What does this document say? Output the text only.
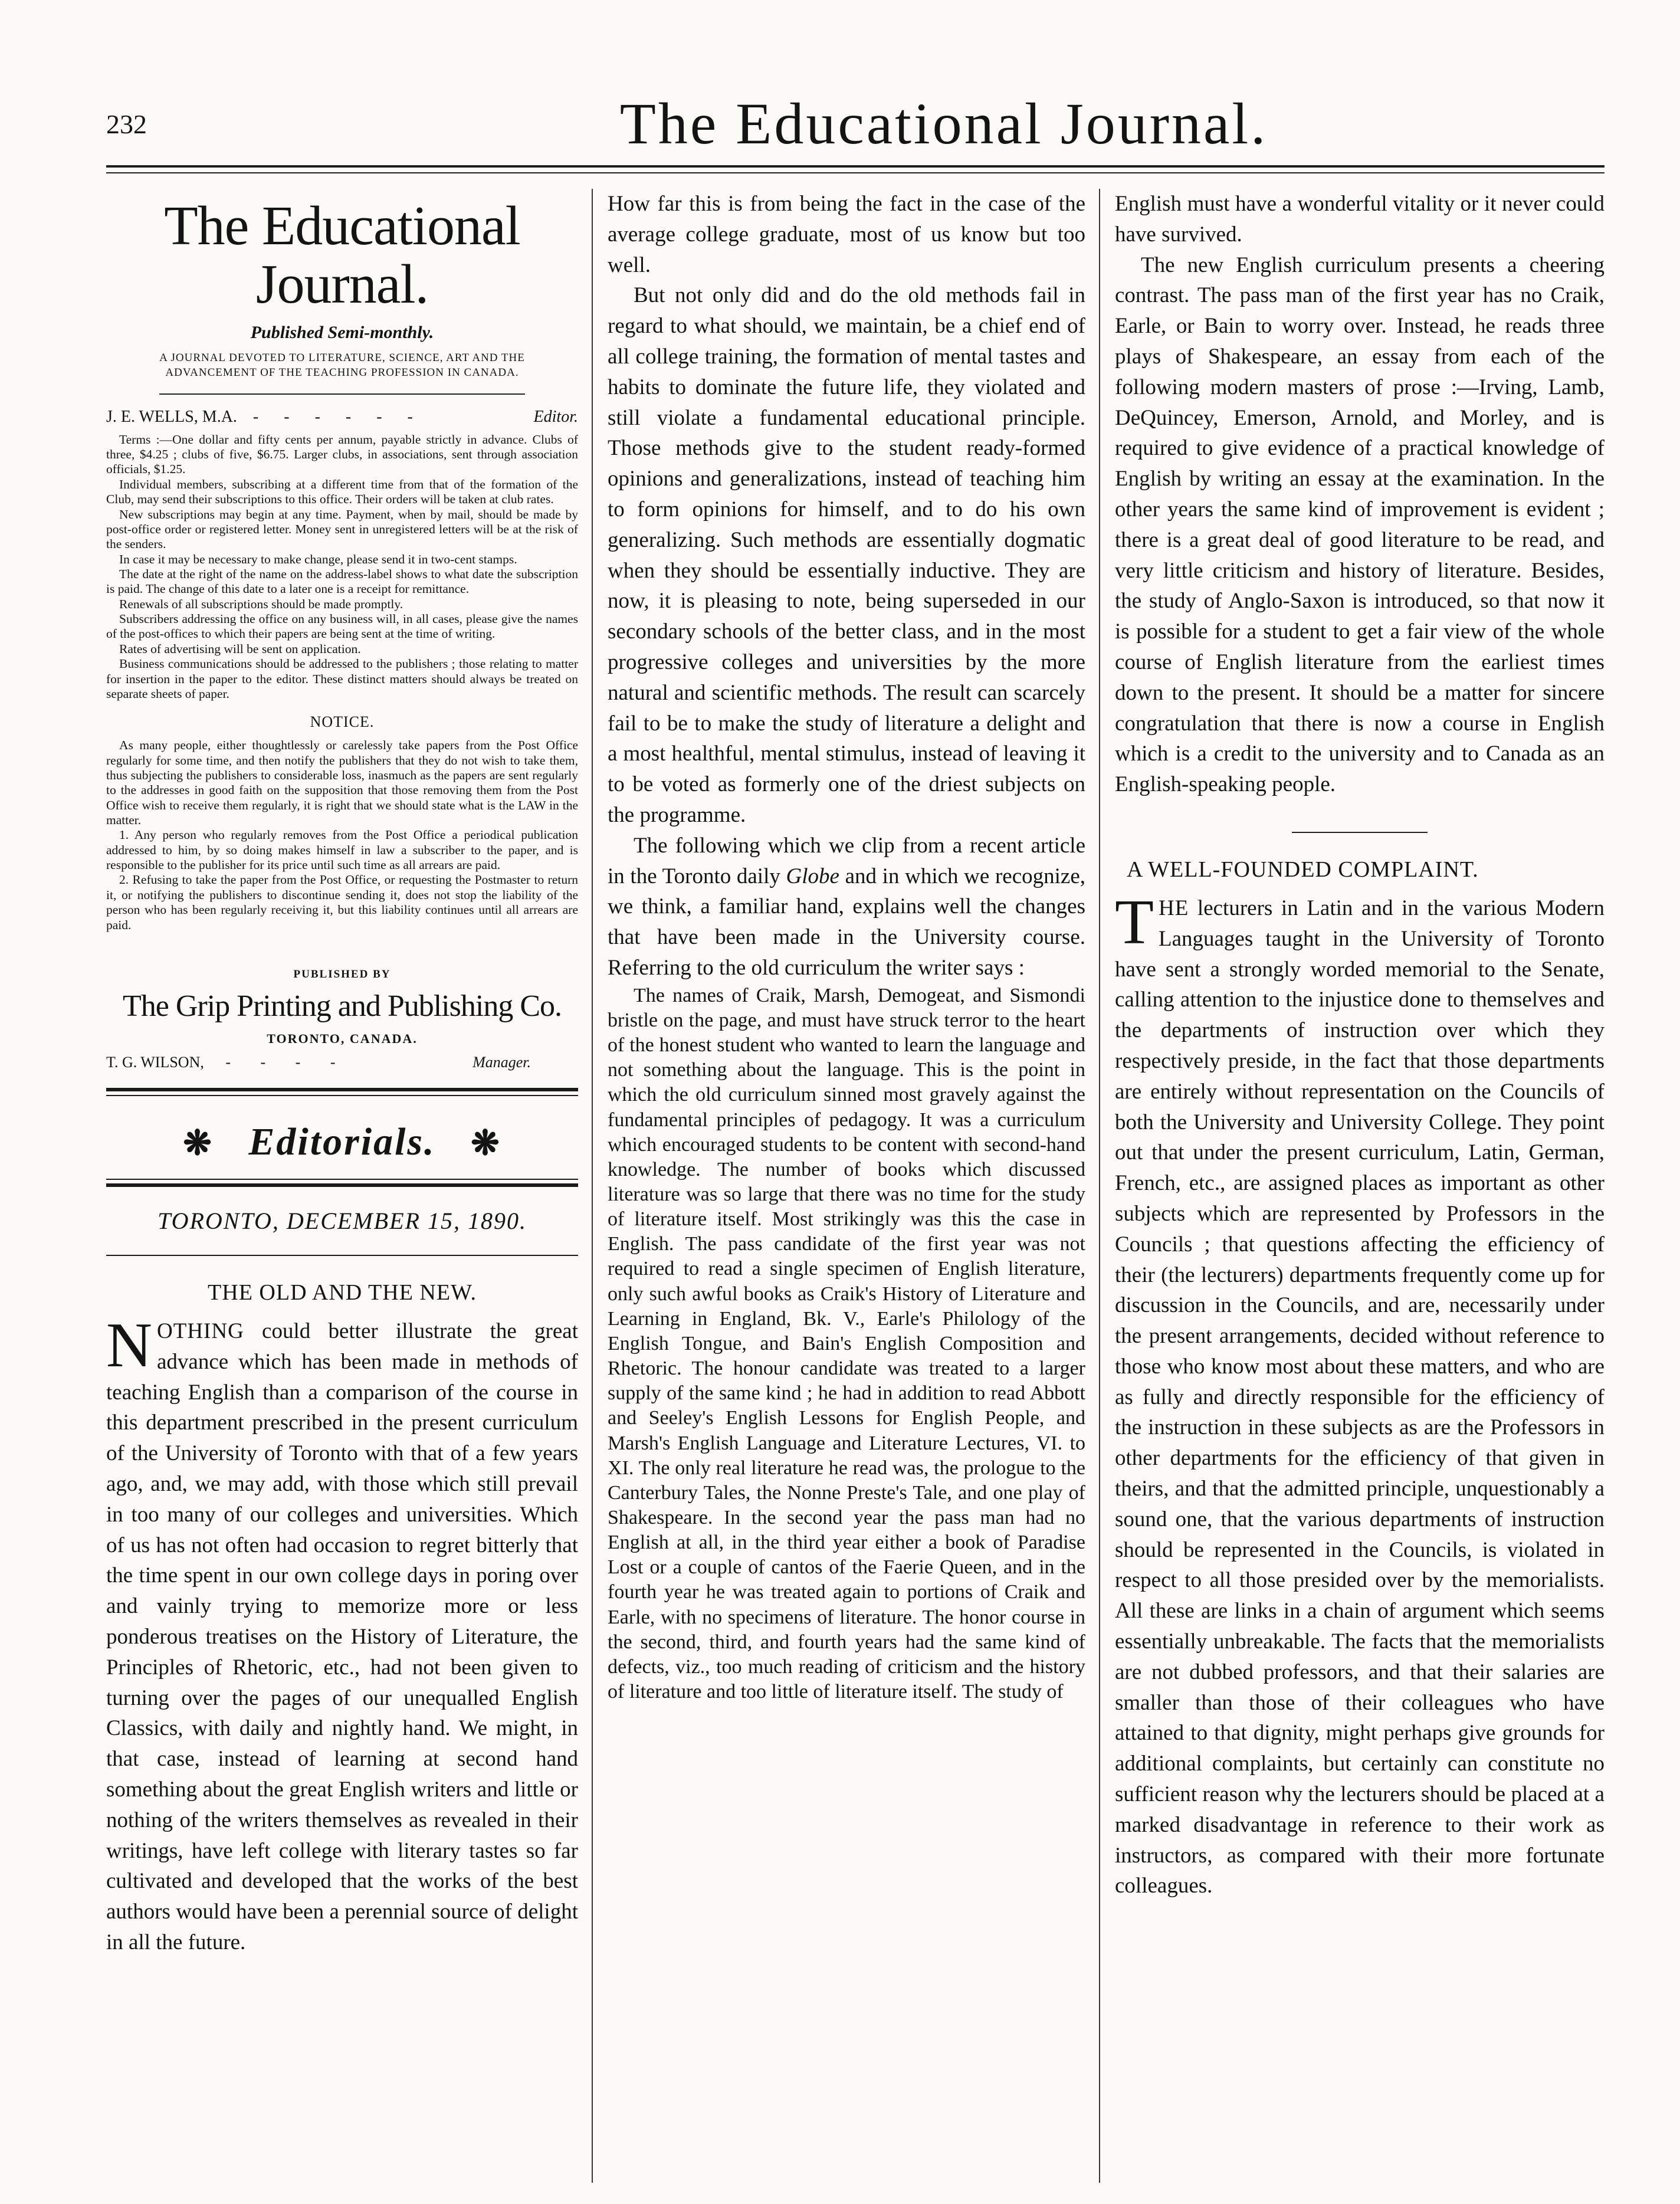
232	The Educational Journal.
The Educational Journal.
Published Semi-monthly.
A JOURNAL DEVOTED TO LITERATURE, SCIENCE, ART AND THE ADVANCEMENT OF THE TEACHING PROFESSION IN CANADA.
J. E. WELLS, M.A. - - - - - -	Editor.

Terms :—One dollar and fifty cents per annum, payable strictly in advance. Clubs of three, $4.25 ; clubs of five, $6.75. Larger clubs, in associations, sent through association officials, $1.25.

Individual members, subscribing at a different time from that of the formation of the Club, may send their subscriptions to this office. Their orders will be taken at club rates.

New subscriptions may begin at any time. Payment, when by mail, should be made by post-office order or registered letter. Money sent in unregistered letters will be at the risk of the senders.

In case it may be necessary to make change, please send it in two-cent stamps.

The date at the right of the name on the address-label shows to what date the subscription is paid. The change of this date to a later one is a receipt for remittance.

Renewals of all subscriptions should be made promptly.

Subscribers addressing the office on any business will, in all cases, please give the names of the post-offices to which their papers are being sent at the time of writing.

Rates of advertising will be sent on application.

Business communications should be addressed to the publishers ; those relating to matter for insertion in the paper to the editor. These distinct matters should always be treated on separate sheets of paper.

NOTICE.

As many people, either thoughtlessly or carelessly take papers from the Post Office regularly for some time, and then notify the publishers that they do not wish to take them, thus subjecting the publishers to considerable loss, inasmuch as the papers are sent regularly to the addresses in good faith on the supposition that those removing them from the Post Office wish to receive them regularly, it is right that we should state what is the LAW in the matter.

1. Any person who regularly removes from the Post Office a periodical publication addressed to him, by so doing makes himself in law a subscriber to the paper, and is responsible to the publisher for its price until such time as all arrears are paid.

2. Refusing to take the paper from the Post Office, or requesting the Postmaster to return it, or notifying the publishers to discontinue sending it, does not stop the liability of the person who has been regularly receiving it, but this liability continues until all arrears are paid.

PUBLISHED BY
The Grip Printing and Publishing Co.
TORONTO, CANADA.
T. G. WILSON, - - - -	Manager.
❋ Editorials. ❋
TORONTO, DECEMBER 15, 1890.
THE OLD AND THE NEW.

NOTHING could better illustrate the great advance which has been made in methods of teaching English than a comparison of the course in this department prescribed in the present curriculum of the University of Toronto with that of a few years ago, and, we may add, with those which still prevail in too many of our colleges and universities. Which of us has not often had occasion to regret bitterly that the time spent in our own college days in poring over and vainly trying to memorize more or less ponderous treatises on the History of Literature, the Principles of Rhetoric, etc., had not been given to turning over the pages of our unequalled English Classics, with daily and nightly hand. We might, in that case, instead of learning at second hand something about the great English writers and little or nothing of the writers themselves as revealed in their writings, have left college with literary tastes so far cultivated and developed that the works of the best authors would have been a perennial source of delight in all the future.

How far this is from being the fact in the case of the average college graduate, most of us know but too well.

But not only did and do the old methods fail in regard to what should, we maintain, be a chief end of all college training, the formation of mental tastes and habits to dominate the future life, they violated and still violate a fundamental educational principle. Those methods give to the student ready-formed opinions and generalizations, instead of teaching him to form opinions for himself, and to do his own generalizing. Such methods are essentially dogmatic when they should be essentially inductive. They are now, it is pleasing to note, being superseded in our secondary schools of the better class, and in the most progressive colleges and universities by the more natural and scientific methods. The result can scarcely fail to be to make the study of literature a delight and a most healthful, mental stimulus, instead of leaving it to be voted as formerly one of the driest subjects on the programme.

The following which we clip from a recent article in the Toronto daily Globe and in which we recognize, we think, a familiar hand, explains well the changes that have been made in the University course. Referring to the old curriculum the writer says :

The names of Craik, Marsh, Demogeat, and Sismondi bristle on the page, and must have struck terror to the heart of the honest student who wanted to learn the language and not something about the language. This is the point in which the old curriculum sinned most gravely against the fundamental principles of pedagogy. It was a curriculum which encouraged students to be content with second-hand knowledge. The number of books which discussed literature was so large that there was no time for the study of literature itself. Most strikingly was this the case in English. The pass candidate of the first year was not required to read a single specimen of English literature, only such awful books as Craik's History of Literature and Learning in England, Bk. V., Earle's Philology of the English Tongue, and Bain's English Composition and Rhetoric. The honour candidate was treated to a larger supply of the same kind ; he had in addition to read Abbott and Seeley's English Lessons for English People, and Marsh's English Language and Literature Lectures, VI. to XI. The only real literature he read was, the prologue to the Canterbury Tales, the Nonne Preste's Tale, and one play of Shakespeare. In the second year the pass man had no English at all, in the third year either a book of Paradise Lost or a couple of cantos of the Faerie Queen, and in the fourth year he was treated again to portions of Craik and Earle, with no specimens of literature. The honor course in the second, third, and fourth years had the same kind of defects, viz., too much reading of criticism and the history of literature and too little of literature itself. The study of

English must have a wonderful vitality or it never could have survived.

The new English curriculum presents a cheering contrast. The pass man of the first year has no Craik, Earle, or Bain to worry over. Instead, he reads three plays of Shakespeare, an essay from each of the following modern masters of prose :—Irving, Lamb, DeQuincey, Emerson, Arnold, and Morley, and is required to give evidence of a practical knowledge of English by writing an essay at the examination. In the other years the same kind of improvement is evident ; there is a great deal of good literature to be read, and very little criticism and history of literature. Besides, the study of Anglo-Saxon is introduced, so that now it is possible for a student to get a fair view of the whole course of English literature from the earliest times down to the present. It should be a matter for sincere congratulation that there is now a course in English which is a credit to the university and to Canada as an English-speaking people.

A WELL-FOUNDED COMPLAINT.

THE lecturers in Latin and in the various Modern Languages taught in the University of Toronto have sent a strongly worded memorial to the Senate, calling attention to the injustice done to themselves and the departments of instruction over which they respectively preside, in the fact that those departments are entirely without representation on the Councils of both the University and University College. They point out that under the present curriculum, Latin, German, French, etc., are assigned places as important as other subjects which are represented by Professors in the Councils ; that questions affecting the efficiency of their (the lecturers) departments frequently come up for discussion in the Councils, and are, necessarily under the present arrangements, decided without reference to those who know most about these matters, and who are as fully and directly responsible for the efficiency of the instruction in these subjects as are the Professors in other departments for the efficiency of that given in theirs, and that the admitted principle, unquestionably a sound one, that the various departments of instruction should be represented in the Councils, is violated in respect to all those presided over by the memorialists. All these are links in a chain of argument which seems essentially unbreakable. The facts that the memorialists are not dubbed professors, and that their salaries are smaller than those of their colleagues who have attained to that dignity, might perhaps give grounds for additional complaints, but certainly can constitute no sufficient reason why the lecturers should be placed at a marked disadvantage in reference to their work as instructors, as compared with their more fortunate colleagues.
